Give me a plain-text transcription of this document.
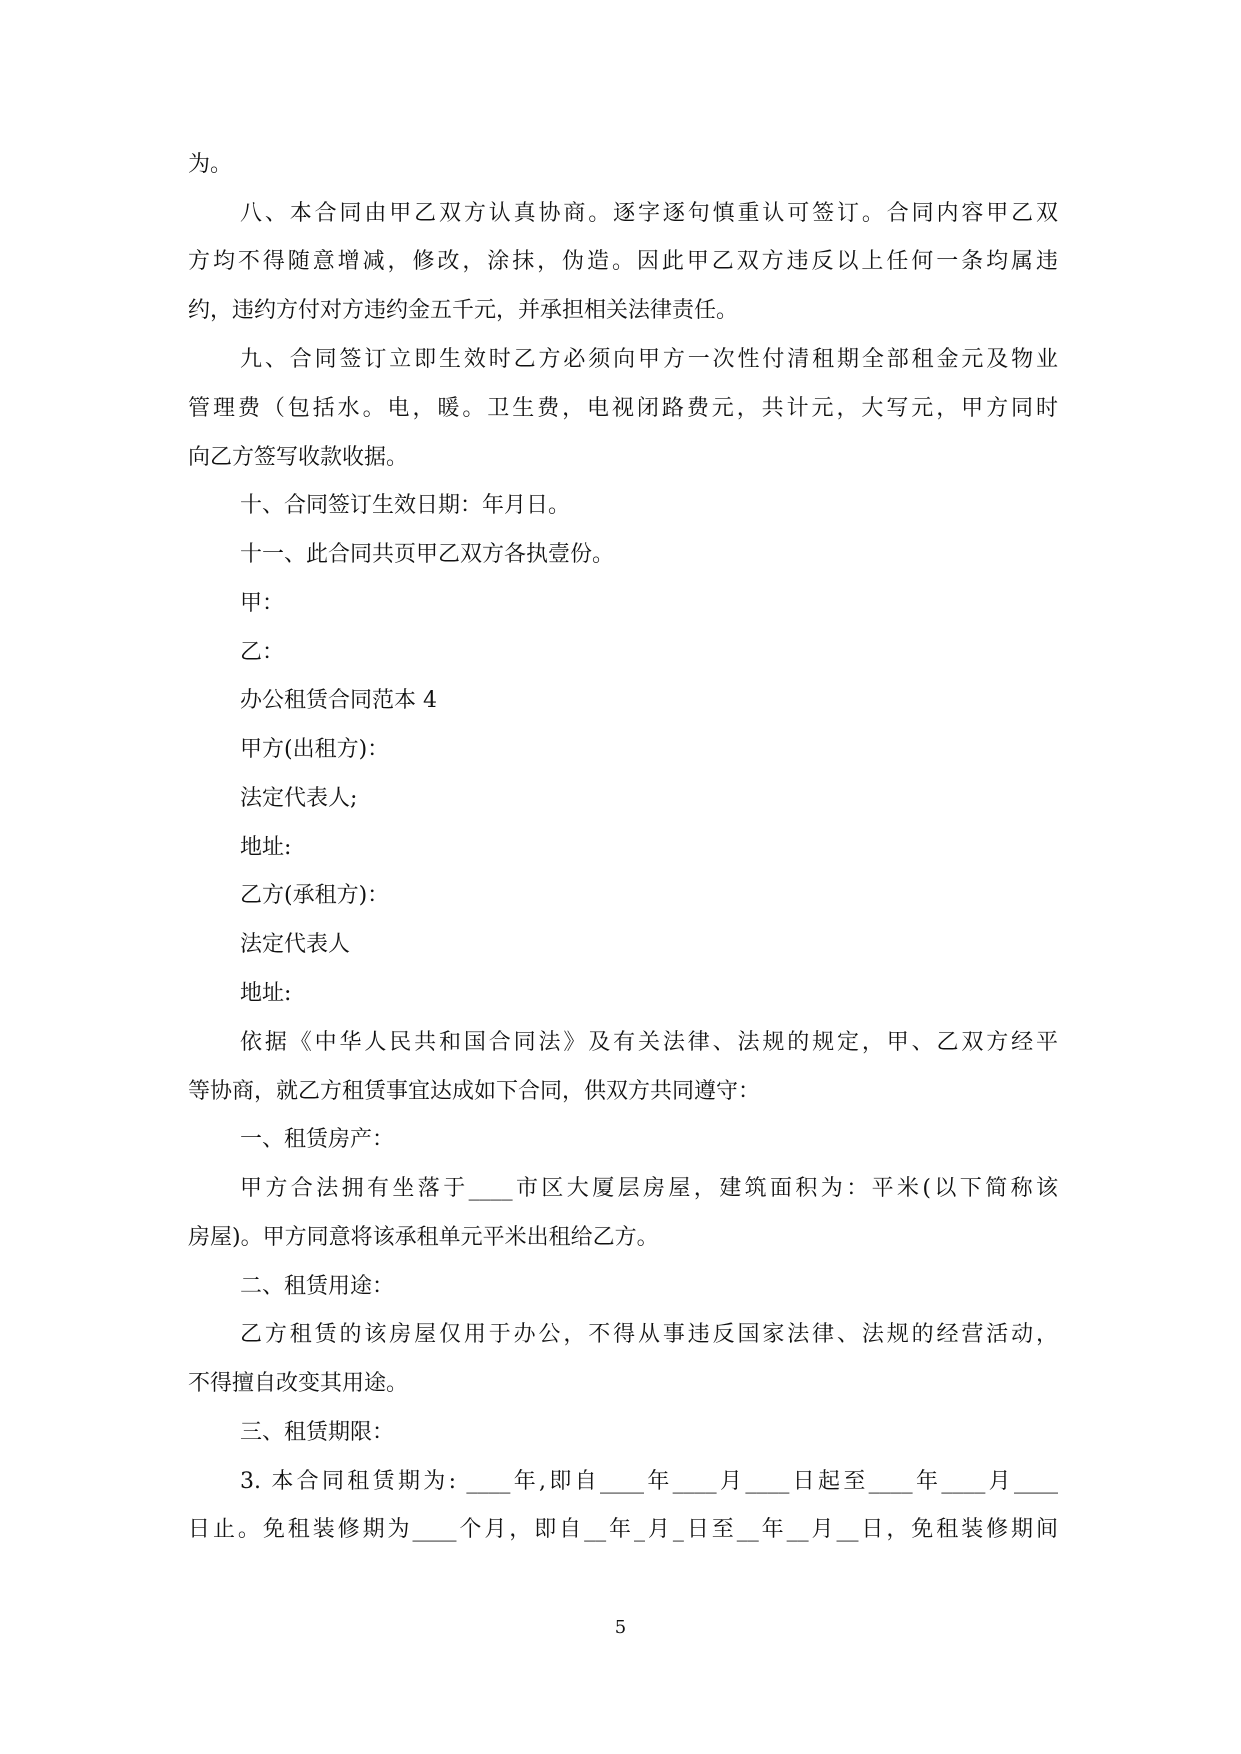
为。
八、本合同由甲乙双方认真协商。逐字逐句慎重认可签订。合同内容甲乙双
方均不得随意增减，修改，涂抹，伪造。因此甲乙双方违反以上任何一条均属违
约，违约方付对方违约金五千元，并承担相关法律责任。
九、合同签订立即生效时乙方必须向甲方一次性付清租期全部租金元及物业
管理费（包括水。电，暖。卫生费，电视闭路费元，共计元，大写元，甲方同时
向乙方签写收款收据。
十、合同签订生效日期：年月日。
十一、此合同共页甲乙双方各执壹份。
甲：
乙：
办公租赁合同范本 4
甲方(出租方)：
法定代表人;
地址:
乙方(承租方)：
法定代表人
地址:
依据《中华人民共和国合同法》及有关法律、法规的规定，甲、乙双方经平
等协商，就乙方租赁事宜达成如下合同，供双方共同遵守：
一、租赁房产：
甲方合法拥有坐落于____市区大厦层房屋，建筑面积为：平米(以下简称该
房屋)。甲方同意将该承租单元平米出租给乙方。
二、租赁用途：
乙方租赁的该房屋仅用于办公，不得从事违反国家法律、法规的经营活动，
不得擅自改变其用途。
三、租赁期限：
3. 本合同租赁期为: ____年,即自____年____月____日起至____年____月____
日止。免租装修期为____个月，即自__年_月_日至__年__月__日，免租装修期间
5
